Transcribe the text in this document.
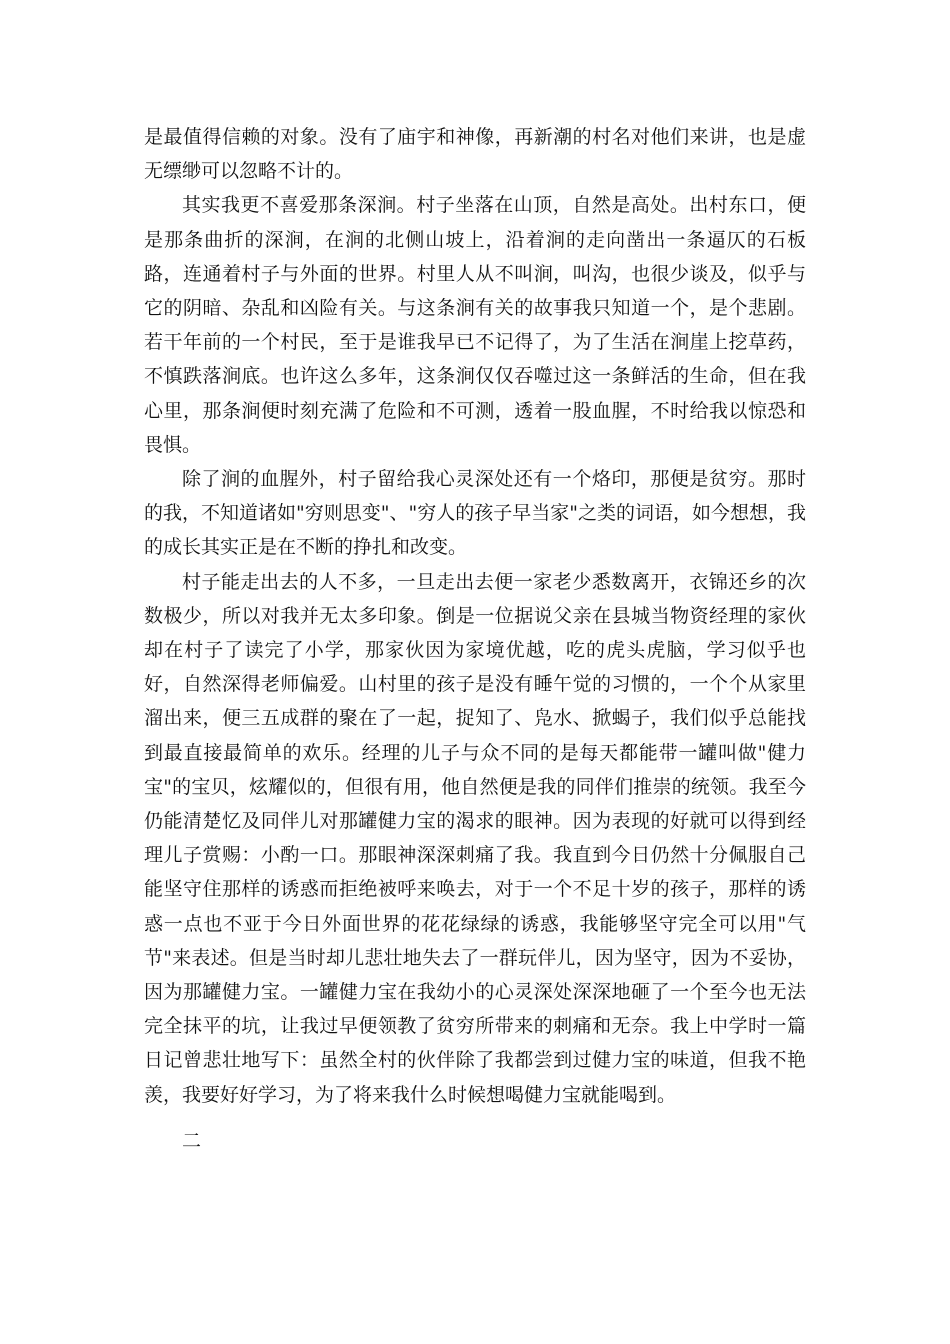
是最值得信赖的对象。没有了庙宇和神像，再新潮的村名对他们来讲，也是虚无缥缈可以忽略不计的。

其实我更不喜爱那条深涧。村子坐落在山顶，自然是高处。出村东口，便是那条曲折的深涧，在涧的北侧山坡上，沿着涧的走向凿出一条逼仄的石板路，连通着村子与外面的世界。村里人从不叫涧，叫沟，也很少谈及，似乎与它的阴暗、杂乱和凶险有关。与这条涧有关的故事我只知道一个，是个悲剧。若干年前的一个村民，至于是谁我早已不记得了，为了生活在涧崖上挖草药，不慎跌落涧底。也许这么多年，这条涧仅仅吞噬过这一条鲜活的生命，但在我心里，那条涧便时刻充满了危险和不可测，透着一股血腥，不时给我以惊恐和畏惧。

除了涧的血腥外，村子留给我心灵深处还有一个烙印，那便是贫穷。那时的我，不知道诸如"穷则思变"、"穷人的孩子早当家"之类的词语，如今想想，我的成长其实正是在不断的挣扎和改变。

村子能走出去的人不多，一旦走出去便一家老少悉数离开，衣锦还乡的次数极少，所以对我并无太多印象。倒是一位据说父亲在县城当物资经理的家伙却在村子了读完了小学，那家伙因为家境优越，吃的虎头虎脑，学习似乎也好，自然深得老师偏爱。山村里的孩子是没有睡午觉的习惯的，一个个从家里溜出来，便三五成群的聚在了一起，捉知了、凫水、掀蝎子，我们似乎总能找到最直接最简单的欢乐。经理的儿子与众不同的是每天都能带一罐叫做"健力宝"的宝贝，炫耀似的，但很有用，他自然便是我的同伴们推崇的统领。我至今仍能清楚忆及同伴儿对那罐健力宝的渴求的眼神。因为表现的好就可以得到经理儿子赏赐：小酌一口。那眼神深深刺痛了我。我直到今日仍然十分佩服自己能坚守住那样的诱惑而拒绝被呼来唤去，对于一个不足十岁的孩子，那样的诱惑一点也不亚于今日外面世界的花花绿绿的诱惑，我能够坚守完全可以用"气节"来表述。但是当时却儿悲壮地失去了一群玩伴儿，因为坚守，因为不妥协，因为那罐健力宝。一罐健力宝在我幼小的心灵深处深深地砸了一个至今也无法完全抹平的坑，让我过早便领教了贫穷所带来的刺痛和无奈。我上中学时一篇日记曾悲壮地写下：虽然全村的伙伴除了我都尝到过健力宝的味道，但我不艳羡，我要好好学习，为了将来我什么时候想喝健力宝就能喝到。

二
